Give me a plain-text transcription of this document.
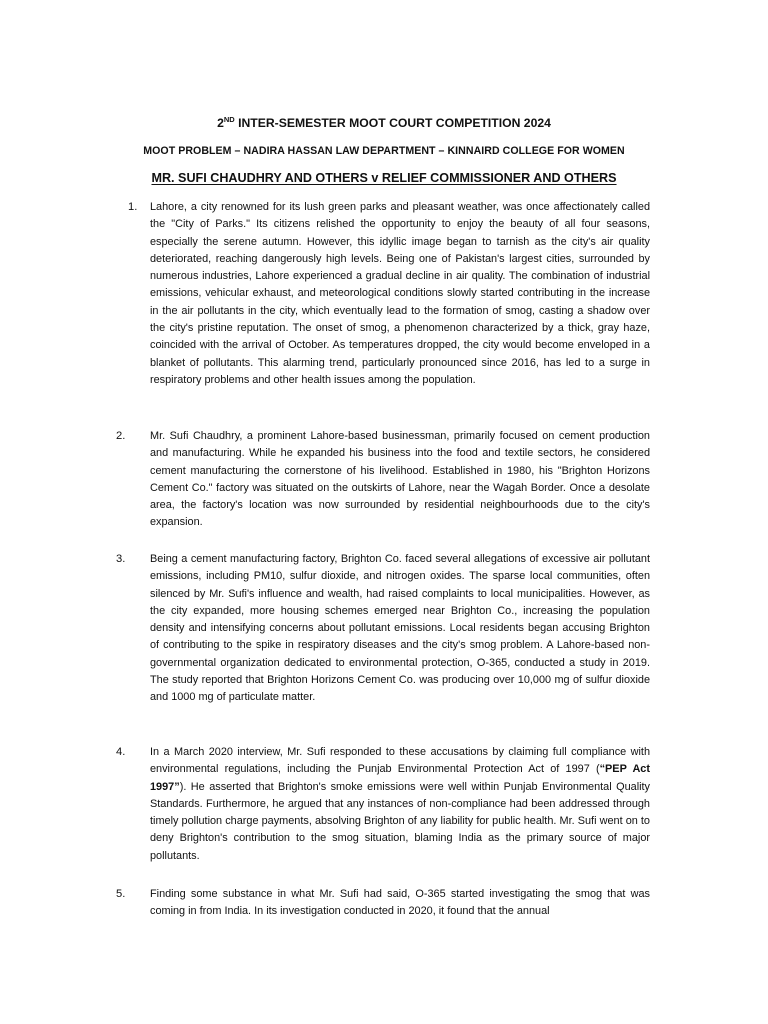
2ND INTER-SEMESTER MOOT COURT COMPETITION 2024
MOOT PROBLEM – NADIRA HASSAN LAW DEPARTMENT – KINNAIRD COLLEGE FOR WOMEN
MR. SUFI CHAUDHRY AND OTHERS v RELIEF COMMISSIONER AND OTHERS
1.	Lahore, a city renowned for its lush green parks and pleasant weather, was once affectionately called the "City of Parks." Its citizens relished the opportunity to enjoy the beauty of all four seasons, especially the serene autumn. However, this idyllic image began to tarnish as the city's air quality deteriorated, reaching dangerously high levels. Being one of Pakistan's largest cities, surrounded by numerous industries, Lahore experienced a gradual decline in air quality. The combination of industrial emissions, vehicular exhaust, and meteorological conditions slowly started contributing in the increase in the air pollutants in the city, which eventually lead to the formation of smog, casting a shadow over the city's pristine reputation. The onset of smog, a phenomenon characterized by a thick, gray haze, coincided with the arrival of October. As temperatures dropped, the city would become enveloped in a blanket of pollutants. This alarming trend, particularly pronounced since 2016, has led to a surge in respiratory problems and other health issues among the population.

2.	Mr. Sufi Chaudhry, a prominent Lahore-based businessman, primarily focused on cement production and manufacturing. While he expanded his business into the food and textile sectors, he considered cement manufacturing the cornerstone of his livelihood. Established in 1980, his "Brighton Horizons Cement Co." factory was situated on the outskirts of Lahore, near the Wagah Border. Once a desolate area, the factory's location was now surrounded by residential neighbourhoods due to the city's expansion.

3.	Being a cement manufacturing factory, Brighton Co. faced several allegations of excessive air pollutant emissions, including PM10, sulfur dioxide, and nitrogen oxides. The sparse local communities, often silenced by Mr. Sufi's influence and wealth, had raised complaints to local municipalities. However, as the city expanded, more housing schemes emerged near Brighton Co., increasing the population density and intensifying concerns about pollutant emissions. Local residents began accusing Brighton of contributing to the spike in respiratory diseases and the city's smog problem. A Lahore-based non-governmental organization dedicated to environmental protection, O-365, conducted a study in 2019. The study reported that Brighton Horizons Cement Co. was producing over 10,000 mg of sulfur dioxide and 1000 mg of particulate matter.

4.	In a March 2020 interview, Mr. Sufi responded to these accusations by claiming full compliance with environmental regulations, including the Punjab Environmental Protection Act of 1997 (“PEP Act 1997”). He asserted that Brighton's smoke emissions were well within Punjab Environmental Quality Standards. Furthermore, he argued that any instances of non-compliance had been addressed through timely pollution charge payments, absolving Brighton of any liability for public health. Mr. Sufi went on to deny Brighton's contribution to the smog situation, blaming India as the primary source of major pollutants.

5.	Finding some substance in what Mr. Sufi had said, O-365 started investigating the smog that was coming in from India. In its investigation conducted in 2020, it found that the annual
